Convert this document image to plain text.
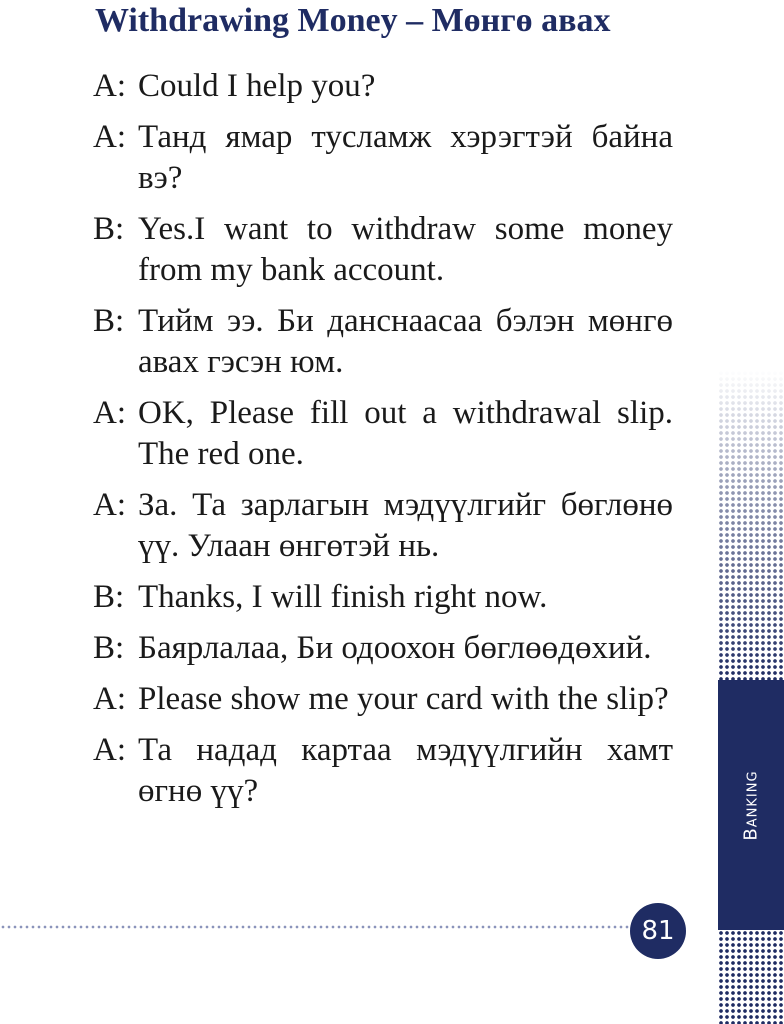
Withdrawing Money – Мөнгө авах
A: Could I help you?
A: Танд ямар тусламж хэрэгтэй байна вэ?
B: Yes.I want to withdraw some money from my bank account.
B: Тийм ээ. Би данснаасаа бэлэн мөнгө авах гэсэн юм.
A: OK, Please fill out a withdrawal slip. The red one.
A: За. Та зарлагын мэдүүлгийг бөглөнө үү. Улаан өнгөтэй нь.
B: Thanks, I will finish right now.
B: Баярлалаа, Би одоохон бөглөөдөхий.
A: Please show me your card with the slip?
A: Та надад картаа мэдүүлгийн хамт өгнө үү?
81
Banking
